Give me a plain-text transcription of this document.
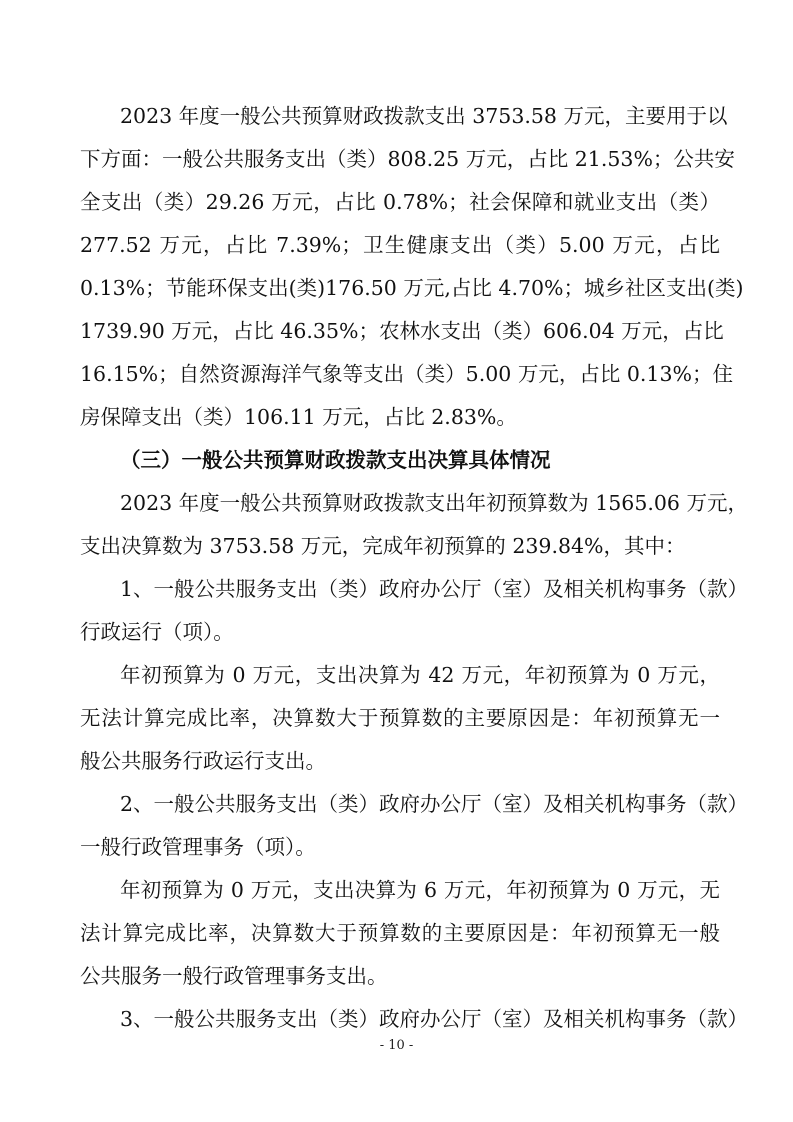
2023 年度一般公共预算财政拨款支出 3753.58 万元，主要用于以
下方面：一般公共服务支出（类）808.25 万元，占比 21.53%；公共安
全支出（类）29.26 万元，占比 0.78%；社会保障和就业支出（类）
277.52 万元，占比 7.39%；卫生健康支出（类）5.00 万元，占比
0.13%；节能环保支出(类)176.50 万元,占比 4.70%；城乡社区支出(类)
1739.90 万元，占比 46.35%；农林水支出（类）606.04 万元，占比
16.15%；自然资源海洋气象等支出（类）5.00 万元，占比 0.13%；住
房保障支出（类）106.11 万元，占比 2.83%。
（三）一般公共预算财政拨款支出决算具体情况
2023 年度一般公共预算财政拨款支出年初预算数为 1565.06 万元，
支出决算数为 3753.58 万元，完成年初预算的 239.84%，其中：
1、一般公共服务支出（类）政府办公厅（室）及相关机构事务（款）
行政运行（项）。
年初预算为 0 万元，支出决算为 42 万元，年初预算为 0 万元，
无法计算完成比率，决算数大于预算数的主要原因是：年初预算无一
般公共服务行政运行支出。
2、一般公共服务支出（类）政府办公厅（室）及相关机构事务（款）
一般行政管理事务（项）。
年初预算为 0 万元，支出决算为 6 万元，年初预算为 0 万元，无
法计算完成比率，决算数大于预算数的主要原因是：年初预算无一般
公共服务一般行政管理事务支出。
3、一般公共服务支出（类）政府办公厅（室）及相关机构事务（款）
- 10 -
